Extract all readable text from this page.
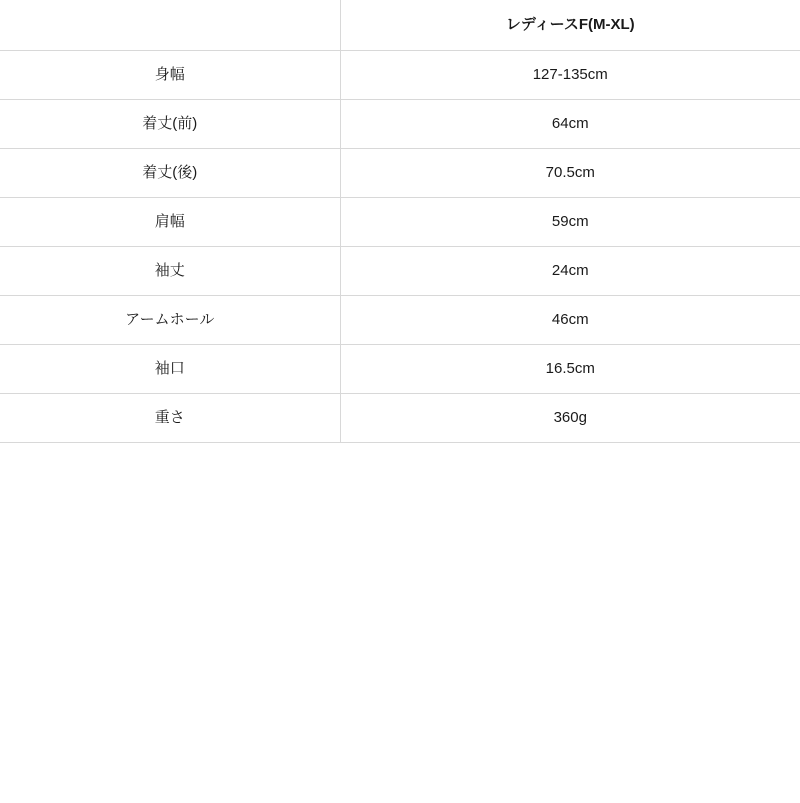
	レディースF(M-XL)
身幅	127-135cm
着丈(前)	64cm
着丈(後)	70.5cm
肩幅	59cm
袖丈	24cm
アームホール	46cm
袖口	16.5cm
重さ	360g
